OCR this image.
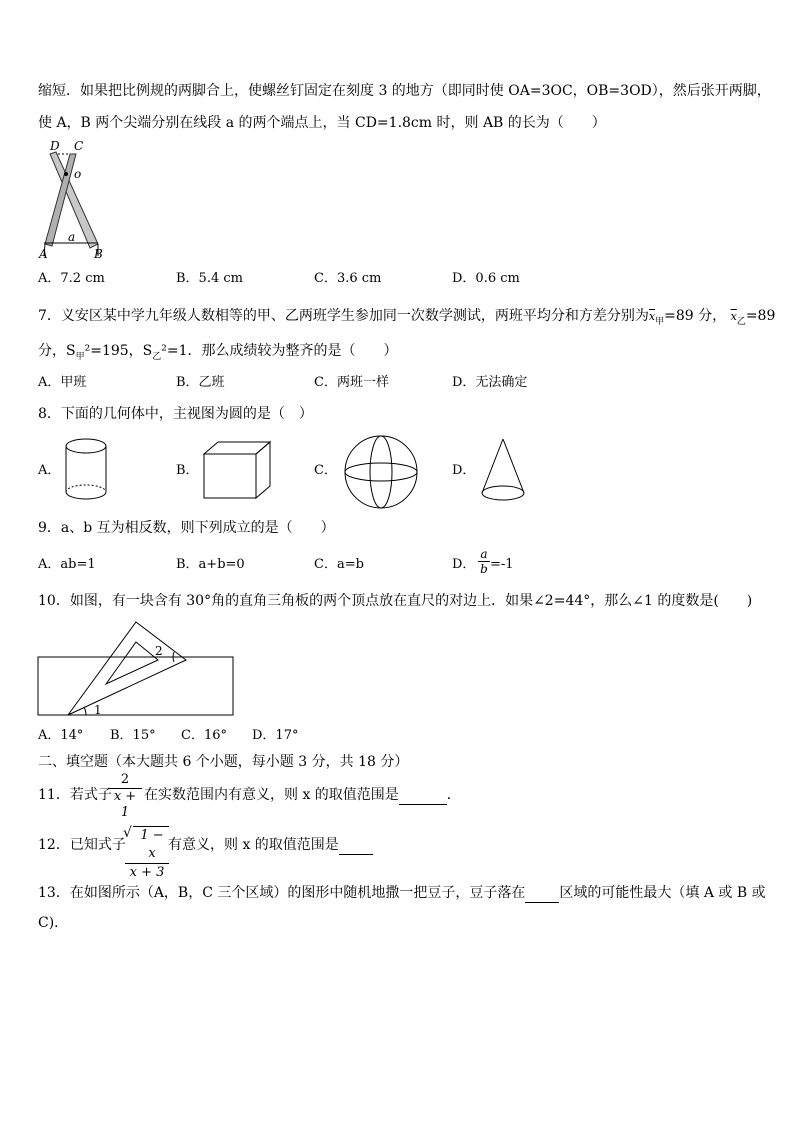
缩短．如果把比例规的两脚合上，使螺丝钉固定在刻度 3 的地方（即同时使 OA=3OC，OB=3OD），然后张开两脚，
使 A，B 两个尖端分别在线段 a 的两个端点上，当 CD=1.8cm 时，则 AB 的长为（　　）
D C
o
A	B
a
A．7.2 cm	B．5.4 cm	C．3.6 cm	D．0.6 cm
7．义安区某中学九年级人数相等的甲、乙两班学生参加同一次数学测试，两班平均分和方差分别为$\overline{x}_甲=89$ 分， $\overline{x}_乙=89$
分，$S_甲^2=195$，$S_乙^2=1$．那么成绩较为整齐的是（　　）
A．甲班	B．乙班	C．两班一样	D．无法确定
8．下面的几何体中，主视图为圆的是（　）
A．	B．	C．	D．
9．a、b 互为相反数，则下列成立的是（　　）
A．ab=1	B．a+b=0	C．a=b	D． $\frac{a}{b} =-1$
10．如图，有一块含有 30°角的直角三角板的两个顶点放在直尺的对边上．如果∠2=44°，那么∠1 的度数是(　　)
2
1
A．14° B．15° C．16° D．17°
二、填空题（本大题共 6 个小题，每小题 3 分，共 18 分）
11．若式子
$\frac{2}{x + 1}$ 在实数范围内有意义，则 x 的取值范围是	．
12．已知式子 $\frac{√ 1 - x}{x + 3}$ 有意义，则 x 的取值范围是
13．在如图所示（A，B，C 三个区域）的图形中随机地撒一把豆子，豆子落在 区域的可能性最大（填 A 或 B 或
C)．
